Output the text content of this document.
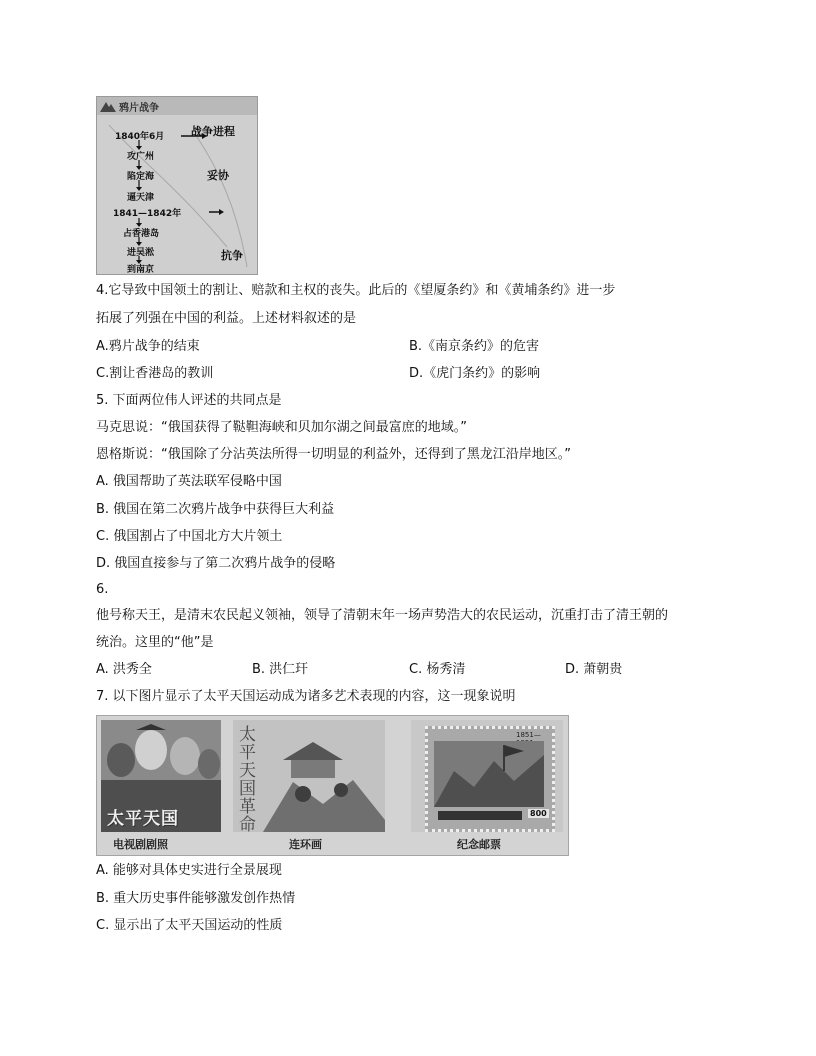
鸦片战争
1840年6月
攻广州
陷定海
逼天津
1841—1842年
占香港岛
进吴淞
到南京
战争进程
妥协
抗争
4.它导致中国领土的割让、赔款和主权的丧失。此后的《望厦条约》和《黄埔条约》进一步
拓展了列强在中国的利益。上述材料叙述的是
A.鸦片战争的结束	B.《南京条约》的危害
C.割让香港岛的教训	D.《虎门条约》的影响
5. 下面两位伟人评述的共同点是
马克思说：“俄国获得了鞑靼海峡和贝加尔湖之间最富庶的地域。”
恩格斯说：“俄国除了分沾英法所得一切明显的利益外，还得到了黑龙江沿岸地区。”
A. 俄国帮助了英法联军侵略中国
B. 俄国在第二次鸦片战争中获得巨大利益
C. 俄国割占了中国北方大片领土
D. 俄国直接参与了第二次鸦片战争的侵略
6.
他号称天王，是清末农民起义领袖，领导了清朝末年一场声势浩大的农民运动，沉重打击了清王朝的
统治。这里的“他”是
A. 洪秀全	B. 洪仁玕	C. 杨秀清	D. 萧朝贵
7. 以下图片显示了太平天国运动成为诸多艺术表现的内容，这一现象说明
太平天国
太平天国革命
1851—
800
电视剧剧照	连环画	纪念邮票
A. 能够对具体史实进行全景展现
B. 重大历史事件能够激发创作热情
C. 显示出了太平天国运动的性质
